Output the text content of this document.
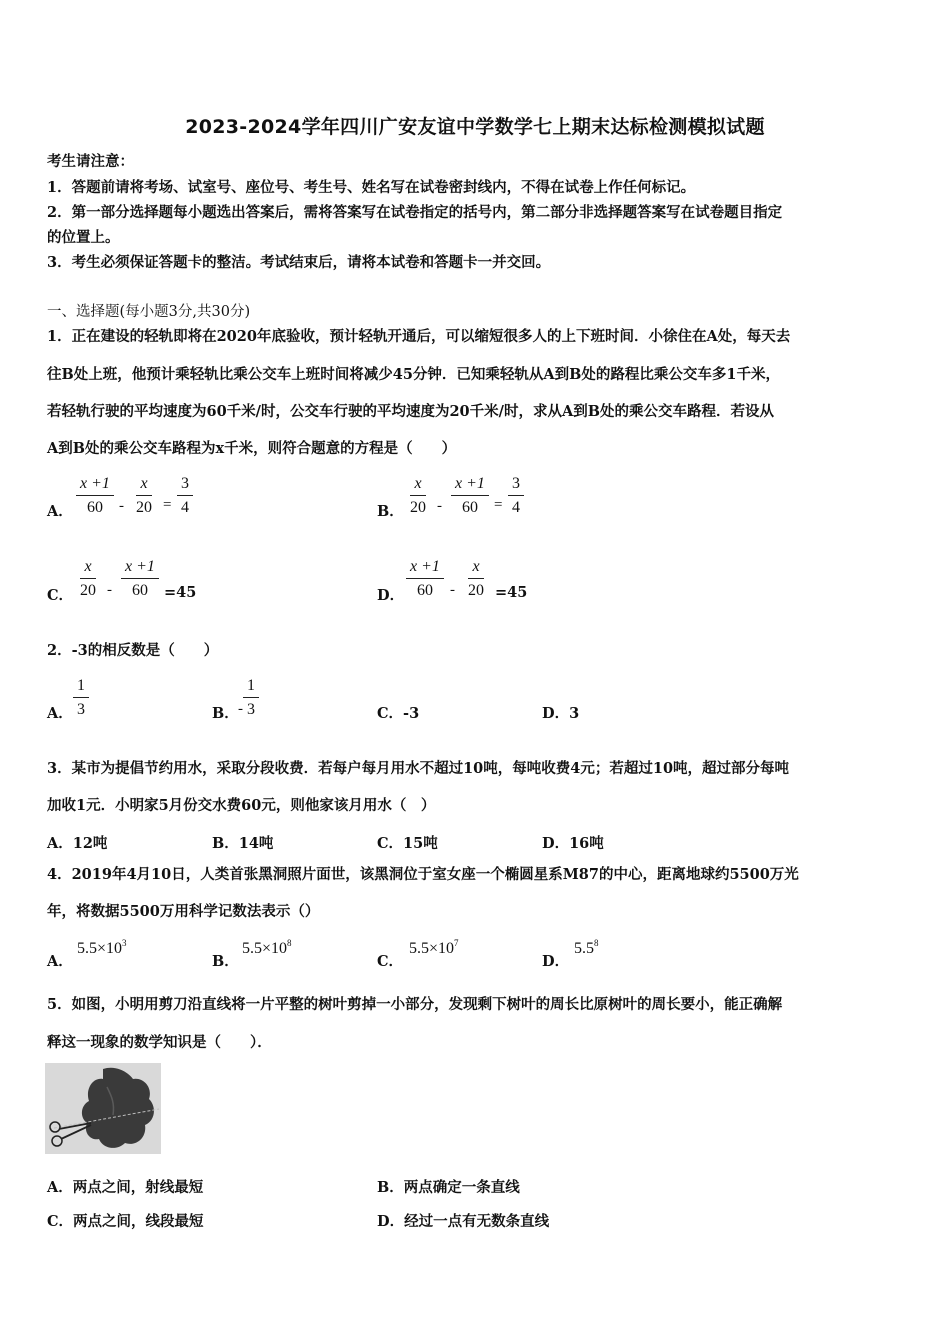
2023-2024学年四川广安友谊中学数学七上期末达标检测模拟试题
考生请注意：
1．答题前请将考场、试室号、座位号、考生号、姓名写在试卷密封线内，不得在试卷上作任何标记。
2．第一部分选择题每小题选出答案后，需将答案写在试卷指定的括号内，第二部分非选择题答案写在试卷题目指定
的位置上。
3．考生必须保证答题卡的整洁。考试结束后，请将本试卷和答题卡一并交回。
一、选择题(每小题3分,共30分)
1．正在建设的轻轨即将在2020年底验收，预计轻轨开通后，可以缩短很多人的上下班时间．小徐住在A处，每天去
往B处上班，他预计乘轻轨比乘公交车上班时间将减少45分钟．已知乘轻轨从A到B处的路程比乘公交车多1千米，
若轻轨行驶的平均速度为60千米/时，公交车行驶的平均速度为20千米/时，求从A到B处的乘公交车路程．若设从
A到B处的乘公交车路程为x千米，则符合题意的方程是（　　）
A． $\frac{x +1}{60} - \frac{x}{20} = \frac{3}{4}$	B． $\frac{x}{20} - \frac{x +1}{60} = \frac{3}{4}$
C． $\frac{x}{20} - \frac{x +1}{60} =45$	D． $\frac{x +1}{60} - \frac{x}{20} =45$
2．-3的相反数是（　　）
A． $\frac{1}{3}$	B． - $\frac{1}{3}$	C．-3	D．3
3．某市为提倡节约用水，采取分段收费．若每户每月用水不超过10吨，每吨收费4元；若超过10吨，超过部分每吨
加收1元．小明家5月份交水费60元，则他家该月用水（　）
A．12吨	B．14吨	C．15吨	D．16吨
4．2019年4月10日，人类首张黑洞照片面世，该黑洞位于室女座一个椭圆星系M87的中心，距离地球约5500万光
年，将数据5500万用科学记数法表示（）
A．
$5.5\times 10^3$
B．
$5.5\times 10^8$
C．
$5.5\times 10^7$
D．
$5.5^8$
5．如图，小明用剪刀沿直线将一片平整的树叶剪掉一小部分，发现剩下树叶的周长比原树叶的周长要小，能正确解
释这一现象的数学知识是（　　）．
A．两点之间，射线最短	B．两点确定一条直线
C．两点之间，线段最短	D．经过一点有无数条直线
